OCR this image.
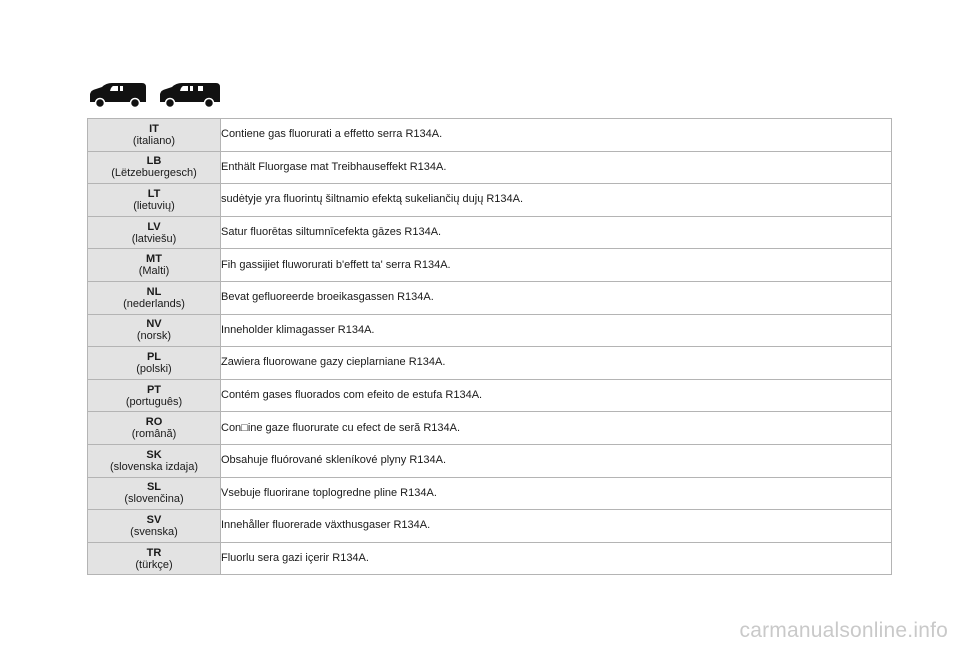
IT
(italiano)	Contiene gas fluorurati a effetto serra R134A.

LB
(Lëtzebuergesch)	Enthält Fluorgase mat Treibhauseffekt R134A.

LT
(lietuvių)	sudėtyje yra fluorintų šiltnamio efektą sukeliančių dujų R134A.

LV
(latviešu)	Satur fluorētas siltumnīcefekta gāzes R134A.

MT
(Malti)	Fih gassijiet fluworurati b'effett ta' serra R134A.

NL
(nederlands)	Bevat gefluoreerde broeikasgassen R134A.

NV
(norsk)	Inneholder klimagasser R134A.

PL
(polski)	Zawiera fluorowane gazy cieplarniane R134A.

PT
(português)	Contém gases fluorados com efeito de estufa R134A.

RO
(română)	Con□ine gaze fluorurate cu efect de seră R134A.

SK
(slovenska izdaja)	Obsahuje fluórované skleníkové plyny R134A.

SL
(slovenčina)	Vsebuje fluorirane toplogredne pline R134A.

SV
(svenska)	Innehåller fluorerade växthusgaser R134A.

TR
(türkçe)	Fluorlu sera gazi içerir R134A.
carmanualsonline.info
